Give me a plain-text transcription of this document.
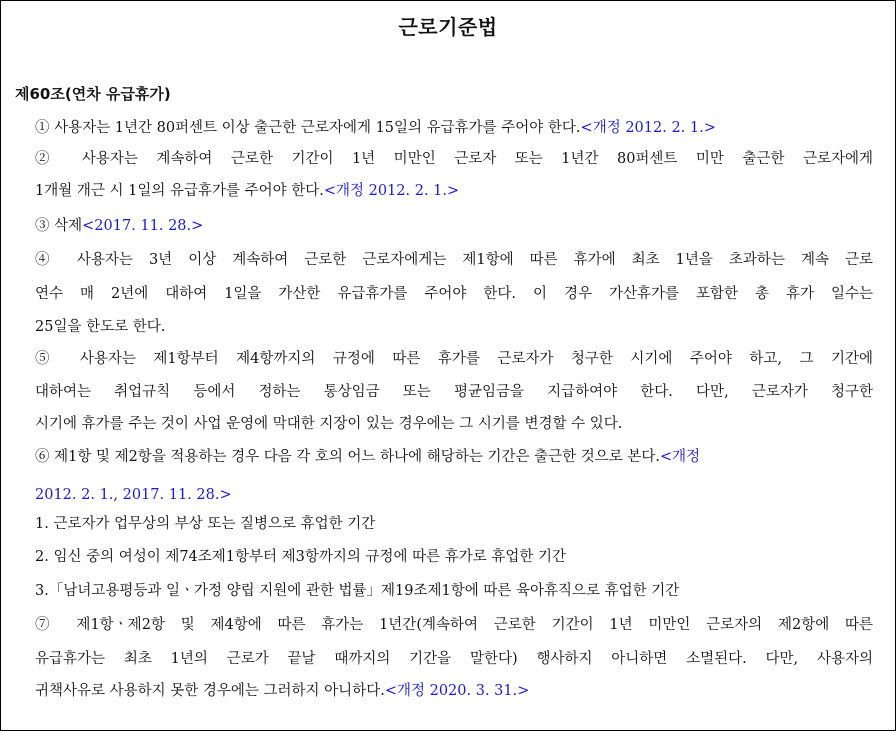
근로기준법
제60조(연차 유급휴가)
① 사용자는 1년간 80퍼센트 이상 출근한 근로자에게 15일의 유급휴가를 주어야 한다.<개정 2012. 2. 1.>
② 사용자는 계속하여 근로한 기간이 1년 미만인 근로자 또는 1년간 80퍼센트 미만 출근한 근로자에게
1개월 개근 시 1일의 유급휴가를 주어야 한다.<개정 2012. 2. 1.>
③ 삭제<2017. 11. 28.>
④ 사용자는 3년 이상 계속하여 근로한 근로자에게는 제1항에 따른 휴가에 최초 1년을 초과하는 계속 근로
연수 매 2년에 대하여 1일을 가산한 유급휴가를 주어야 한다. 이 경우 가산휴가를 포함한 총 휴가 일수는
25일을 한도로 한다.
⑤ 사용자는 제1항부터 제4항까지의 규정에 따른 휴가를 근로자가 청구한 시기에 주어야 하고, 그 기간에
대하여는 취업규칙 등에서 정하는 통상임금 또는 평균임금을 지급하여야 한다. 다만, 근로자가 청구한
시기에 휴가를 주는 것이 사업 운영에 막대한 지장이 있는 경우에는 그 시기를 변경할 수 있다.
⑥ 제1항 및 제2항을 적용하는 경우 다음 각 호의 어느 하나에 해당하는 기간은 출근한 것으로 본다.<개정
2012. 2. 1., 2017. 11. 28.>
1. 근로자가 업무상의 부상 또는 질병으로 휴업한 기간
2. 임신 중의 여성이 제74조제1항부터 제3항까지의 규정에 따른 휴가로 휴업한 기간
3.「남녀고용평등과 일ㆍ가정 양립 지원에 관한 법률」제19조제1항에 따른 육아휴직으로 휴업한 기간
⑦ 제1항ㆍ제2항 및 제4항에 따른 휴가는 1년간(계속하여 근로한 기간이 1년 미만인 근로자의 제2항에 따른
유급휴가는 최초 1년의 근로가 끝날 때까지의 기간을 말한다) 행사하지 아니하면 소멸된다. 다만, 사용자의
귀책사유로 사용하지 못한 경우에는 그러하지 아니하다.<개정 2020. 3. 31.>
